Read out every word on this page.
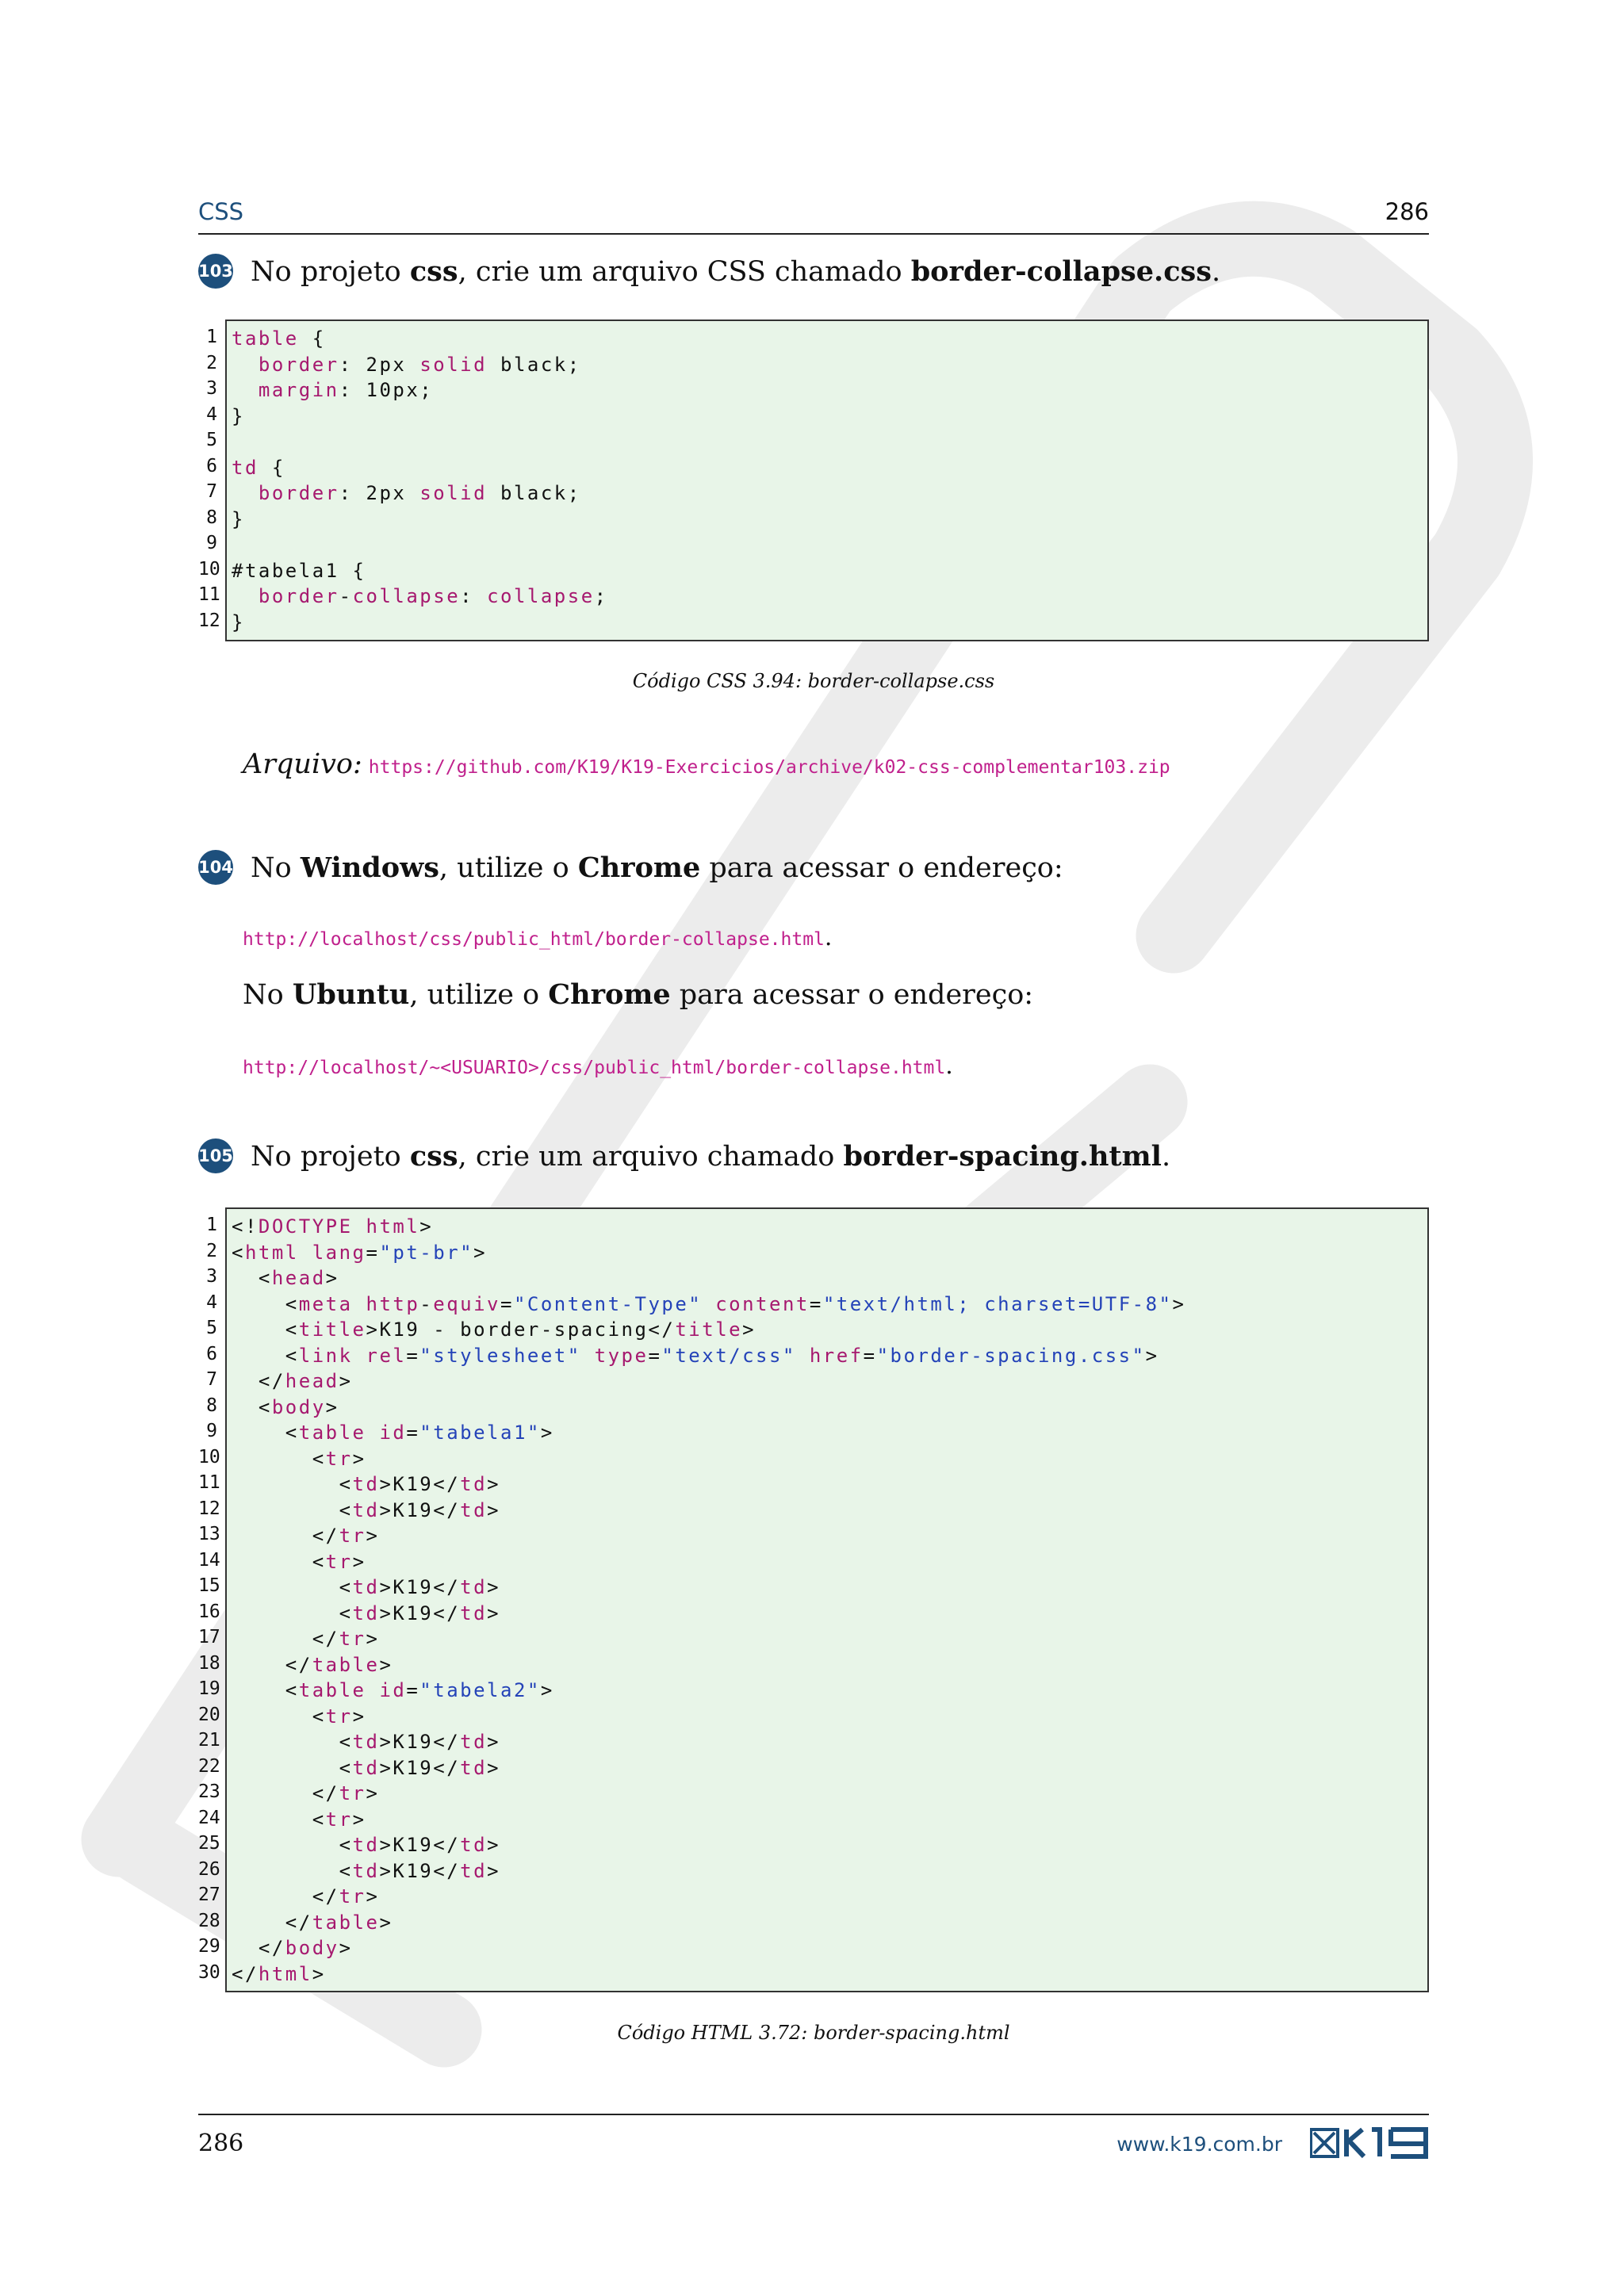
CSS	286
103 No projeto css, crie um arquivo CSS chamado border-collapse.css.
1
2
3
4
5
6
7
8
9
10
11
12
table {
border: 2px solid black;
margin: 10px;
}
td {
border: 2px solid black;
}
#tabela1 {
border-collapse: collapse;
}
Código CSS 3.94: border-collapse.css
Arquivo: https://github.com/K19/K19-Exercicios/archive/k02-css-complementar103.zip
104 No Windows, utilize o Chrome para acessar o endereço:
http://localhost/css/public_html/border-collapse.html.
No Ubuntu, utilize o Chrome para acessar o endereço:
http://localhost/~<USUARIO>/css/public_html/border-collapse.html.
105 No projeto css, crie um arquivo chamado border-spacing.html.
1
2
3
4
5
6
7
8
9
10
11
12
13
14
15
16
17
18
19
20
21
22
23
24
25
26
27
28
29
30
<!DOCTYPE html>
<html lang="pt-br">
<head>
<meta http-equiv="Content-Type" content="text/html; charset=UTF-8">
<title>K19 - border-spacing</title>
<link rel="stylesheet" type="text/css" href="border-spacing.css">
</head>
<body>
<table id="tabela1">
<tr>
<td>K19</td>
<td>K19</td>
</tr>
<tr>
<td>K19</td>
<td>K19</td>
</tr>
</table>
<table id="tabela2">
<tr>
<td>K19</td>
<td>K19</td>
</tr>
<tr>
<td>K19</td>
<td>K19</td>
</tr>
</table>
</body>
</html>
Código HTML 3.72: border-spacing.html
286	www.k19.com.br
